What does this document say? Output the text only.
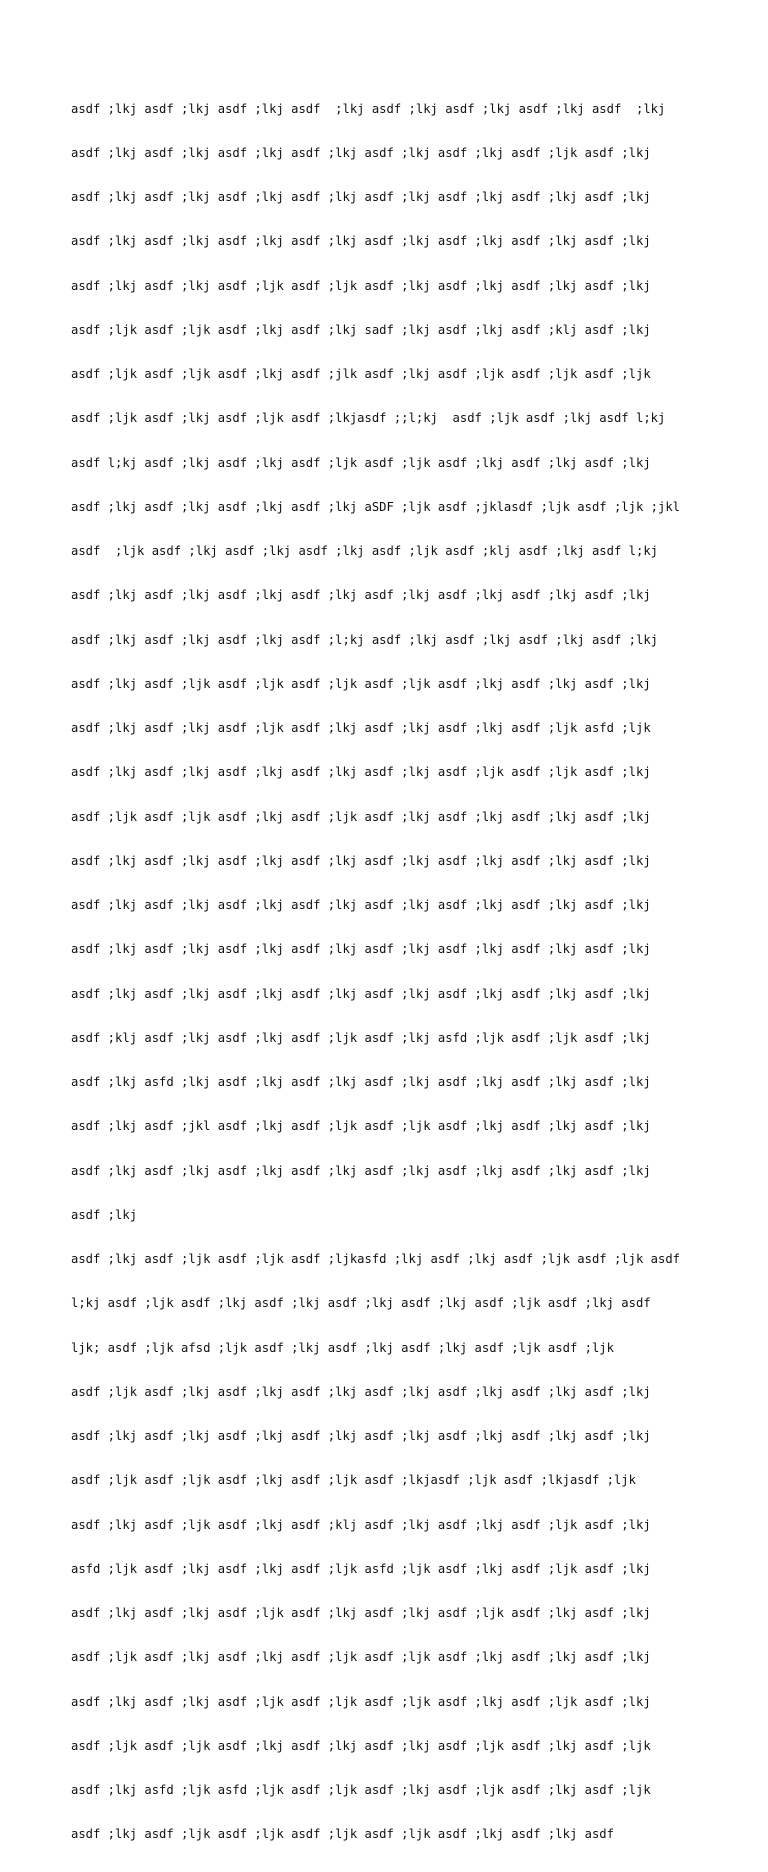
asdf ;lkj asdf ;lkj asdf ;lkj asdf  ;lkj asdf ;lkj asdf ;lkj asdf ;lkj asdf  ;lkj

asdf ;lkj asdf ;lkj asdf ;lkj asdf ;lkj asdf ;lkj asdf ;lkj asdf ;ljk asdf ;lkj

asdf ;lkj asdf ;lkj asdf ;lkj asdf ;lkj asdf ;lkj asdf ;lkj asdf ;lkj asdf ;lkj

asdf ;lkj asdf ;lkj asdf ;lkj asdf ;lkj asdf ;lkj asdf ;lkj asdf ;lkj asdf ;lkj

asdf ;lkj asdf ;lkj asdf ;ljk asdf ;ljk asdf ;lkj asdf ;lkj asdf ;lkj asdf ;lkj

asdf ;ljk asdf ;ljk asdf ;lkj asdf ;lkj sadf ;lkj asdf ;lkj asdf ;klj asdf ;lkj

asdf ;ljk asdf ;ljk asdf ;lkj asdf ;jlk asdf ;lkj asdf ;ljk asdf ;ljk asdf ;ljk

asdf ;ljk asdf ;lkj asdf ;ljk asdf ;lkjasdf ;;l;kj  asdf ;ljk asdf ;lkj asdf l;kj

asdf l;kj asdf ;lkj asdf ;lkj asdf ;ljk asdf ;ljk asdf ;lkj asdf ;lkj asdf ;lkj

asdf ;lkj asdf ;lkj asdf ;lkj asdf ;lkj aSDF ;ljk asdf ;jklasdf ;ljk asdf ;ljk ;jkl

asdf  ;ljk asdf ;lkj asdf ;lkj asdf ;lkj asdf ;ljk asdf ;klj asdf ;lkj asdf l;kj

asdf ;lkj asdf ;lkj asdf ;lkj asdf ;lkj asdf ;lkj asdf ;lkj asdf ;lkj asdf ;lkj

asdf ;lkj asdf ;lkj asdf ;lkj asdf ;l;kj asdf ;lkj asdf ;lkj asdf ;lkj asdf ;lkj

asdf ;lkj asdf ;ljk asdf ;ljk asdf ;ljk asdf ;ljk asdf ;lkj asdf ;lkj asdf ;lkj

asdf ;lkj asdf ;lkj asdf ;ljk asdf ;lkj asdf ;lkj asdf ;lkj asdf ;ljk asfd ;ljk

asdf ;lkj asdf ;lkj asdf ;lkj asdf ;lkj asdf ;lkj asdf ;ljk asdf ;ljk asdf ;lkj

asdf ;ljk asdf ;ljk asdf ;lkj asdf ;ljk asdf ;lkj asdf ;lkj asdf ;lkj asdf ;lkj

asdf ;lkj asdf ;lkj asdf ;lkj asdf ;lkj asdf ;lkj asdf ;lkj asdf ;lkj asdf ;lkj

asdf ;lkj asdf ;lkj asdf ;lkj asdf ;lkj asdf ;lkj asdf ;lkj asdf ;lkj asdf ;lkj

asdf ;lkj asdf ;lkj asdf ;lkj asdf ;lkj asdf ;lkj asdf ;lkj asdf ;lkj asdf ;lkj

asdf ;lkj asdf ;lkj asdf ;lkj asdf ;lkj asdf ;lkj asdf ;lkj asdf ;lkj asdf ;lkj

asdf ;klj asdf ;lkj asdf ;lkj asdf ;ljk asdf ;lkj asfd ;ljk asdf ;ljk asdf ;lkj

asdf ;lkj asfd ;lkj asdf ;lkj asdf ;lkj asdf ;lkj asdf ;lkj asdf ;lkj asdf ;lkj

asdf ;lkj asdf ;jkl asdf ;lkj asdf ;ljk asdf ;ljk asdf ;lkj asdf ;lkj asdf ;lkj

asdf ;lkj asdf ;lkj asdf ;lkj asdf ;lkj asdf ;lkj asdf ;lkj asdf ;lkj asdf ;lkj

asdf ;lkj

asdf ;lkj asdf ;ljk asdf ;ljk asdf ;ljkasfd ;lkj asdf ;lkj asdf ;ljk asdf ;ljk asdf

l;kj asdf ;ljk asdf ;lkj asdf ;lkj asdf ;lkj asdf ;lkj asdf ;ljk asdf ;lkj asdf

ljk; asdf ;ljk afsd ;ljk asdf ;lkj asdf ;lkj asdf ;lkj asdf ;ljk asdf ;ljk

asdf ;ljk asdf ;lkj asdf ;lkj asdf ;lkj asdf ;lkj asdf ;lkj asdf ;lkj asdf ;lkj

asdf ;lkj asdf ;lkj asdf ;lkj asdf ;lkj asdf ;lkj asdf ;lkj asdf ;lkj asdf ;lkj

asdf ;ljk asdf ;ljk asdf ;lkj asdf ;ljk asdf ;lkjasdf ;ljk asdf ;lkjasdf ;ljk

asdf ;lkj asdf ;ljk asdf ;lkj asdf ;klj asdf ;lkj asdf ;lkj asdf ;ljk asdf ;lkj

asfd ;ljk asdf ;lkj asdf ;lkj asdf ;ljk asfd ;ljk asdf ;lkj asdf ;ljk asdf ;lkj

asdf ;lkj asdf ;lkj asdf ;ljk asdf ;lkj asdf ;lkj asdf ;ljk asdf ;lkj asdf ;lkj

asdf ;ljk asdf ;lkj asdf ;lkj asdf ;ljk asdf ;ljk asdf ;lkj asdf ;lkj asdf ;lkj

asdf ;lkj asdf ;lkj asdf ;ljk asdf ;ljk asdf ;ljk asdf ;lkj asdf ;ljk asdf ;lkj

asdf ;ljk asdf ;ljk asdf ;lkj asdf ;lkj asdf ;lkj asdf ;ljk asdf ;lkj asdf ;ljk

asdf ;lkj asfd ;ljk asfd ;ljk asdf ;ljk asdf ;lkj asdf ;ljk asdf ;lkj asdf ;ljk

asdf ;lkj asdf ;ljk asdf ;ljk asdf ;ljk asdf ;ljk asdf ;lkj asdf ;lkj asdf
